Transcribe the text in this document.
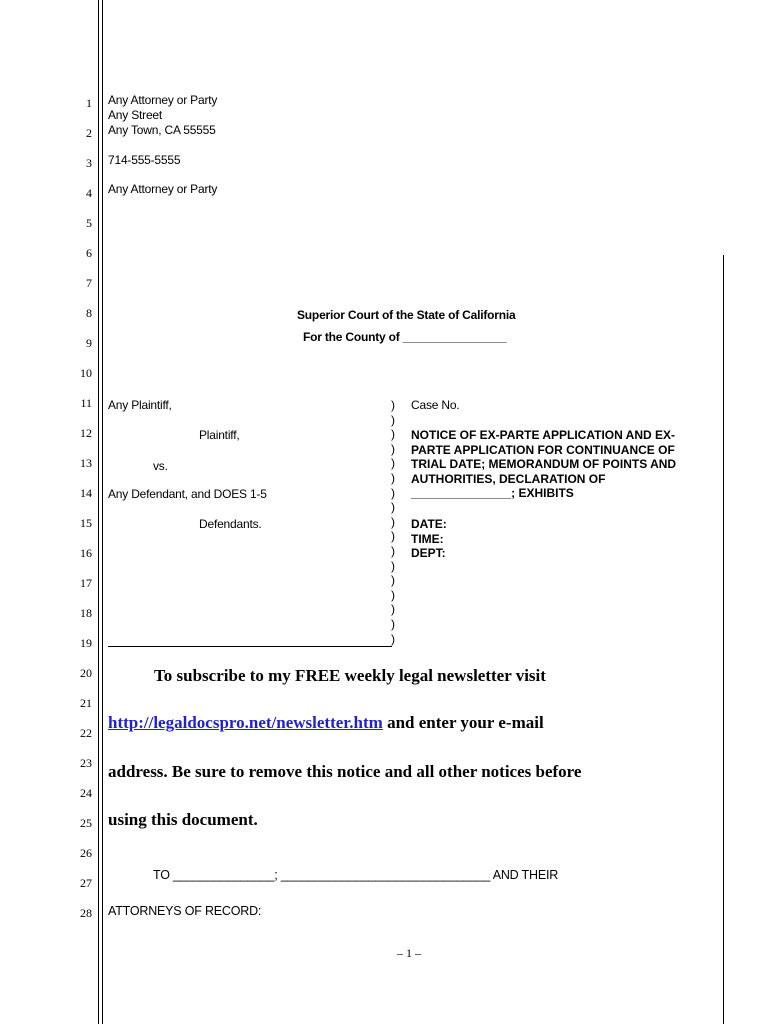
1
2
3
4
5
6
7
8
9
10
11
12
13
14
15
16
17
18
19
20
21
22
23
24
25
26
27
28
Any Attorney or Party
Any Street
Any Town, CA 55555
714-555-5555
Any Attorney or Party
Superior Court of the State of California
For the County of ________________
Any Plaintiff,
Plaintiff,
vs.
Any Defendant, and DOES 1-5
Defendants.
)
)
)
)
)
)
)
)
)
)
)
)
)
)
)
)
)
Case No.
NOTICE OF EX-PARTE APPLICATION AND EX-
PARTE APPLICATION FOR CONTINUANCE OF
TRIAL DATE; MEMORANDUM OF POINTS AND
AUTHORITIES, DECLARATION OF
_______________; EXHIBITS
DATE:
TIME:
DEPT:
To subscribe to my FREE weekly legal newsletter visit
http://legaldocspro.net/newsletter.htm and enter your e-mail
address. Be sure to remove this notice and all other notices before
using this document.
TO _______________; _______________________________ AND THEIR
ATTORNEYS OF RECORD:
– 1 –
